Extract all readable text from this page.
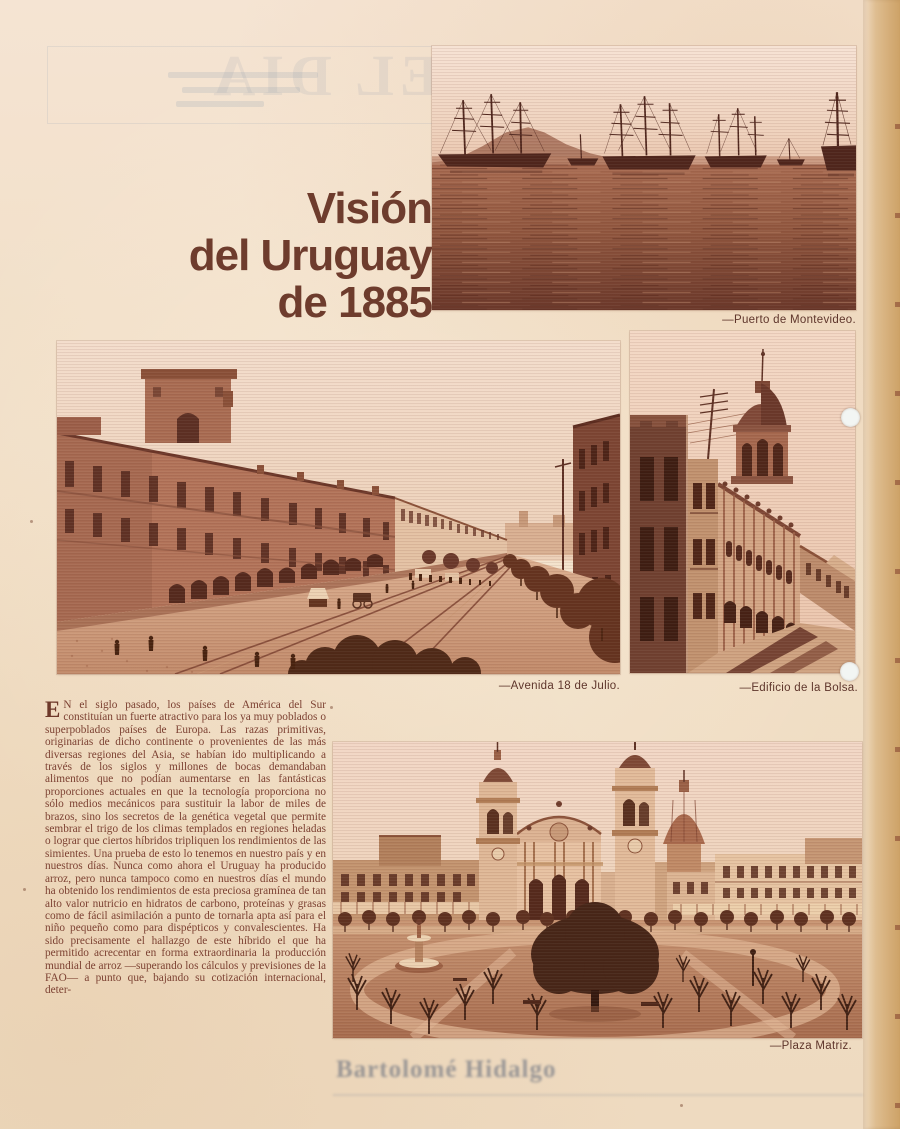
EL DIA
Bartolomé Hidalgo
Visión
del Uruguay
de 1885	—Puerto de Montevideo.
—Avenida 18 de Julio.	—Edificio de la Bolsa.
E N el siglo pasado, los países de América del Sur constituían un fuerte atractivo para los ya muy poblados o superpoblados países de Europa. Las razas primitivas, originarias de dicho continente o provenientes de las más diversas regiones del Asia, se habían ido multiplicando a través de los siglos y millones de bocas demandaban alimentos que no podían aumentarse en las fantásticas proporciones actuales en que la tecnología proporciona no sólo medios mecánicos para sustituir la labor de miles de brazos, sino los secretos de la genética vegetal que permite sembrar el trigo de los climas templados en regiones heladas o lograr que ciertos híbridos tripliquen los rendimientos de las simientes. Una prueba de esto lo tenemos en nuestro país y en nuestros días. Nunca como ahora el Uruguay ha producido arroz, pero nunca tampoco como en nuestros días el mundo ha obtenido los rendimientos de esta preciosa gramínea de tan alto valor nutricio en hidratos de carbono, proteínas y grasas como de fácil asimilación a punto de tornarla apta así para el niño pequeño como para dispépticos y convalescientes. Ha sido precisamente el hallazgo de este híbrido el que ha permitido acrecentar en forma extraordinaria la producción mundial de arroz —superando los cálculos y previsiones de la FAO— a punto que, bajando su cotización internacional, deter-
—Plaza Matriz.
